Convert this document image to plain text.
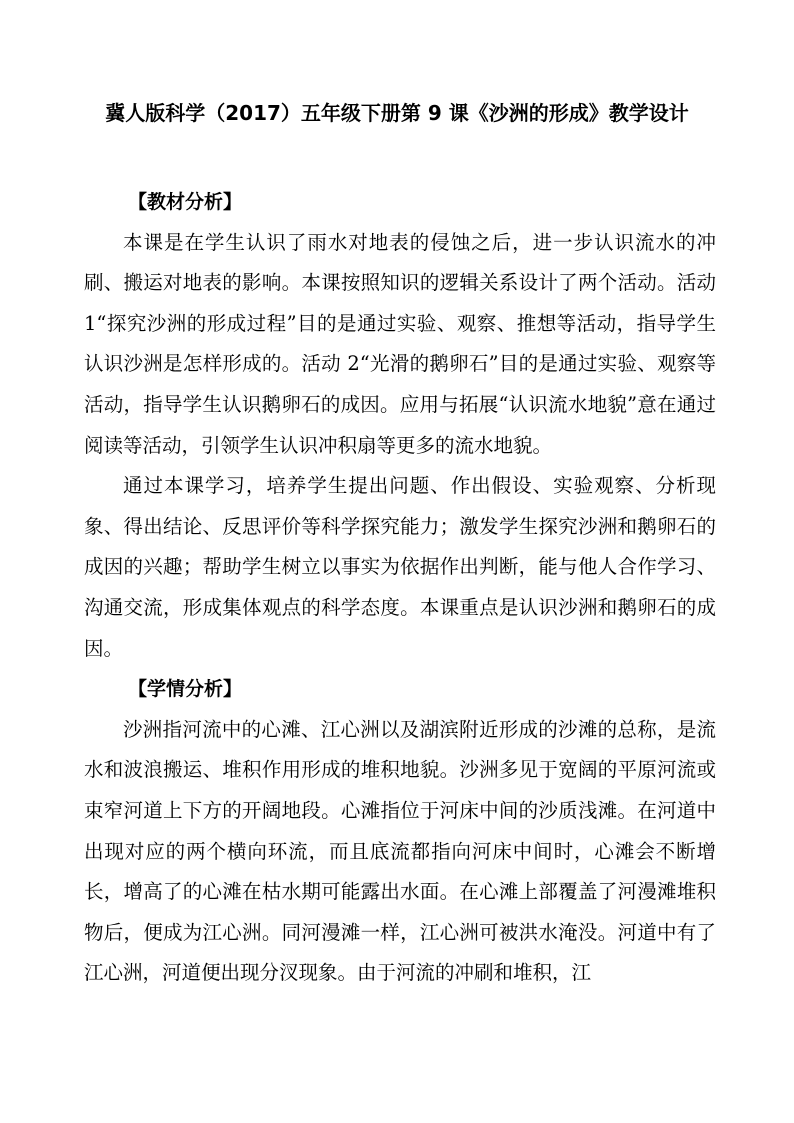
冀人版科学（2017）五年级下册第 9 课《沙洲的形成》教学设计

【教材分析】

本课是在学生认识了雨水对地表的侵蚀之后，进一步认识流水的冲刷、搬运对地表的影响。本课按照知识的逻辑关系设计了两个活动。活动 1“探究沙洲的形成过程”目的是通过实验、观察、推想等活动，指导学生认识沙洲是怎样形成的。活动 2“光滑的鹅卵石”目的是通过实验、观察等活动，指导学生认识鹅卵石的成因。应用与拓展“认识流水地貌”意在通过阅读等活动，引领学生认识冲积扇等更多的流水地貌。

通过本课学习，培养学生提出问题、作出假设、实验观察、分析现象、得出结论、反思评价等科学探究能力；激发学生探究沙洲和鹅卵石的成因的兴趣；帮助学生树立以事实为依据作出判断，能与他人合作学习、沟通交流，形成集体观点的科学态度。本课重点是认识沙洲和鹅卵石的成因。

【学情分析】

沙洲指河流中的心滩、江心洲以及湖滨附近形成的沙滩的总称，是流水和波浪搬运、堆积作用形成的堆积地貌。沙洲多见于宽阔的平原河流或束窄河道上下方的开阔地段。心滩指位于河床中间的沙质浅滩。在河道中出现对应的两个横向环流，而且底流都指向河床中间时，心滩会不断增长，增高了的心滩在枯水期可能露出水面。在心滩上部覆盖了河漫滩堆积物后，便成为江心洲。同河漫滩一样，江心洲可被洪水淹没。河道中有了江心洲，河道便出现分汊现象。由于河流的冲刷和堆积，江
